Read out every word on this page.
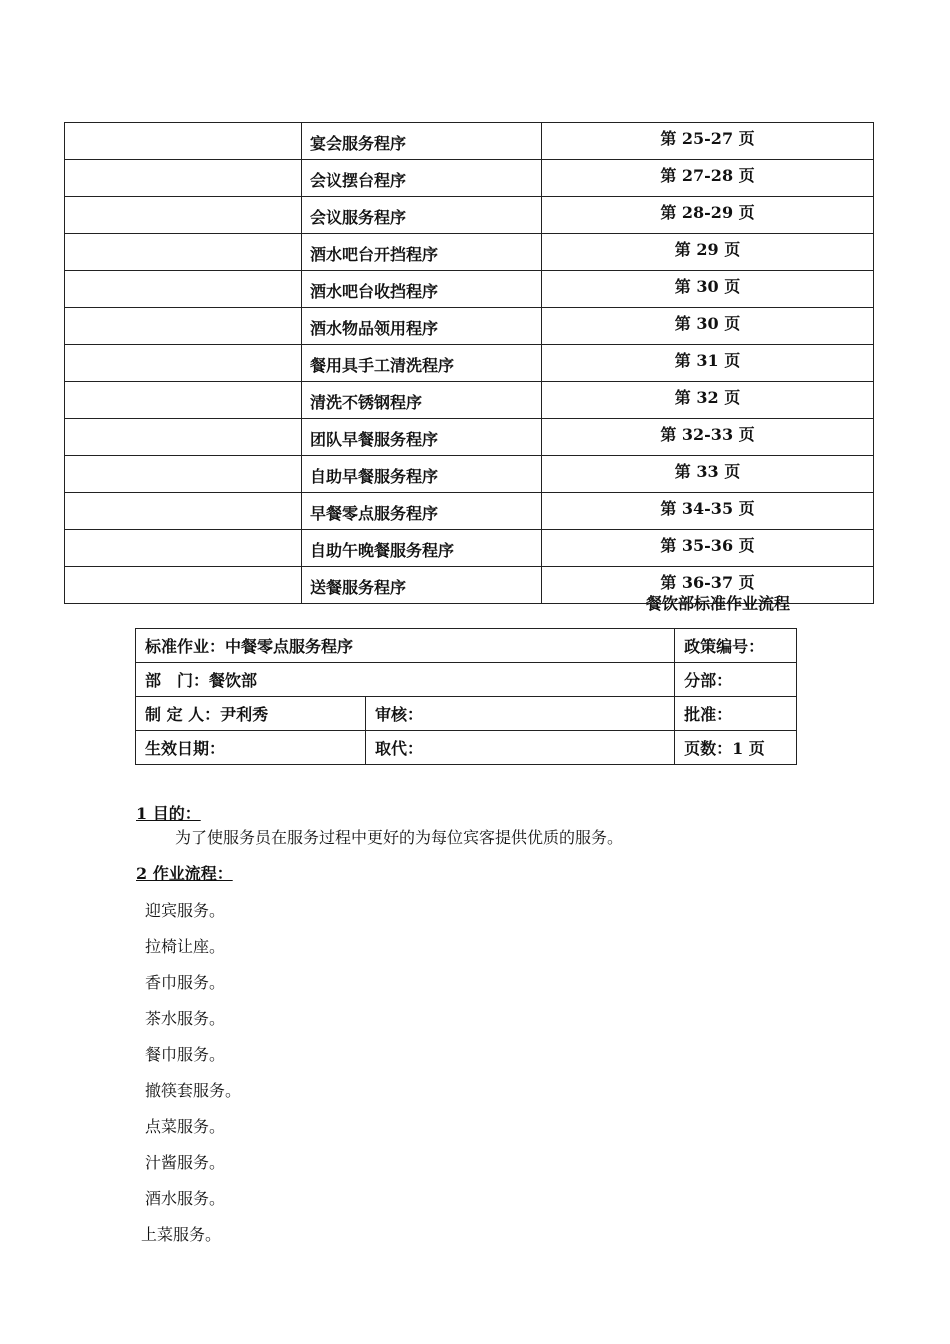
	宴会服务程序	第 25-27 页
	会议摆台程序	第 27-28 页
	会议服务程序	第 28-29 页
	酒水吧台开挡程序	第 29 页
	酒水吧台收挡程序	第 30 页
	酒水物品领用程序	第 30 页
	餐用具手工清洗程序	第 31 页
	清洗不锈钢程序	第 32 页
	团队早餐服务程序	第 32-33 页
	自助早餐服务程序	第 33 页
	早餐零点服务程序	第 34-35 页
	自助午晚餐服务程序	第 35-36 页
	送餐服务程序	第 36-37 页
餐饮部标准作业流程
标准作业：中餐零点服务程序		政策编号：
部　门：餐饮部		分部：
制 定 人：尹利秀	审核：	批准：
生效日期：	取代：	页数：1 页
1 目的：
为了使服务员在服务过程中更好的为每位宾客提供优质的服务。
2 作业流程：
迎宾服务。
拉椅让座。
香巾服务。
茶水服务。
餐巾服务。
撤筷套服务。
点菜服务。
汁酱服务。
酒水服务。
上菜服务。
